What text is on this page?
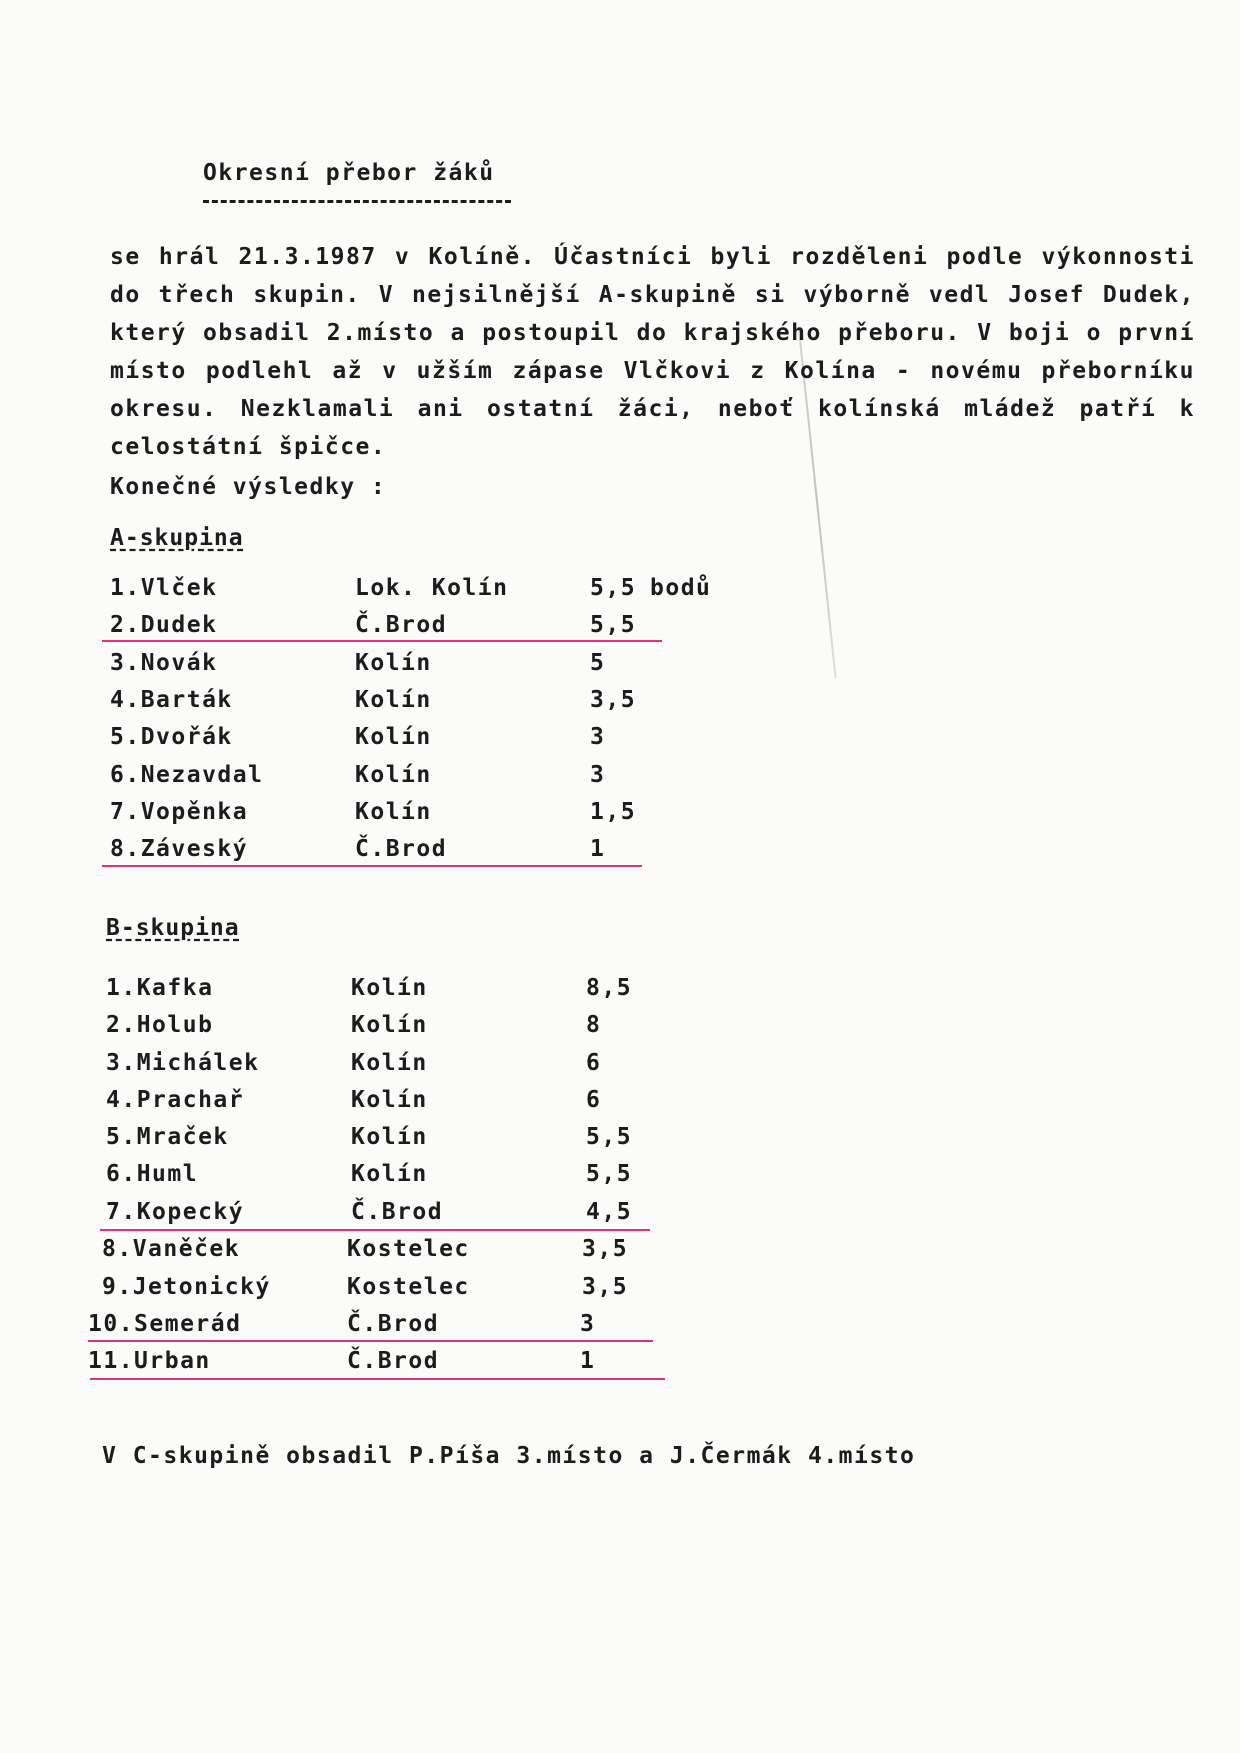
Okresní přebor žáků

se hrál 21.3.1987 v Kolíně. Účastníci byli rozděleni podle výkonnosti do třech skupin. V nejsilnější A-skupině si výborně vedl Josef Dudek, který obsadil 2.místo a postoupil do krajského přeboru. V boji o první místo podlehl až v užším zápase Vlčkovi z Kolína - novému přeborníku okresu. Nezklamali ani ostatní žáci, neboť kolínská mládež patří k celostátní špičce.

Konečné výsledky :
A-skupina
1.Vlček	Lok. Kolín	5,5 bodů
2.Dudek	Č.Brod	5,5
3.Novák	Kolín	5
4.Barták	Kolín	3,5
5.Dvořák	Kolín	3
6.Nezavdal	Kolín	3
7.Vopěnka	Kolín	1,5
8.Záveský	Č.Brod	1
B-skupina
1.Kafka	Kolín	8,5
2.Holub	Kolín	8
3.Michálek	Kolín	6
4.Prachař	Kolín	6
5.Mraček	Kolín	5,5
6.Huml	Kolín	5,5
7.Kopecký	Č.Brod	4,5
8.Vaněček	Kostelec	3,5
9.Jetonický	Kostelec	3,5
10.Semerád	Č.Brod	3
11.Urban	Č.Brod	1
V C-skupině obsadil P.Píša 3.místo a J.Čermák 4.místo
